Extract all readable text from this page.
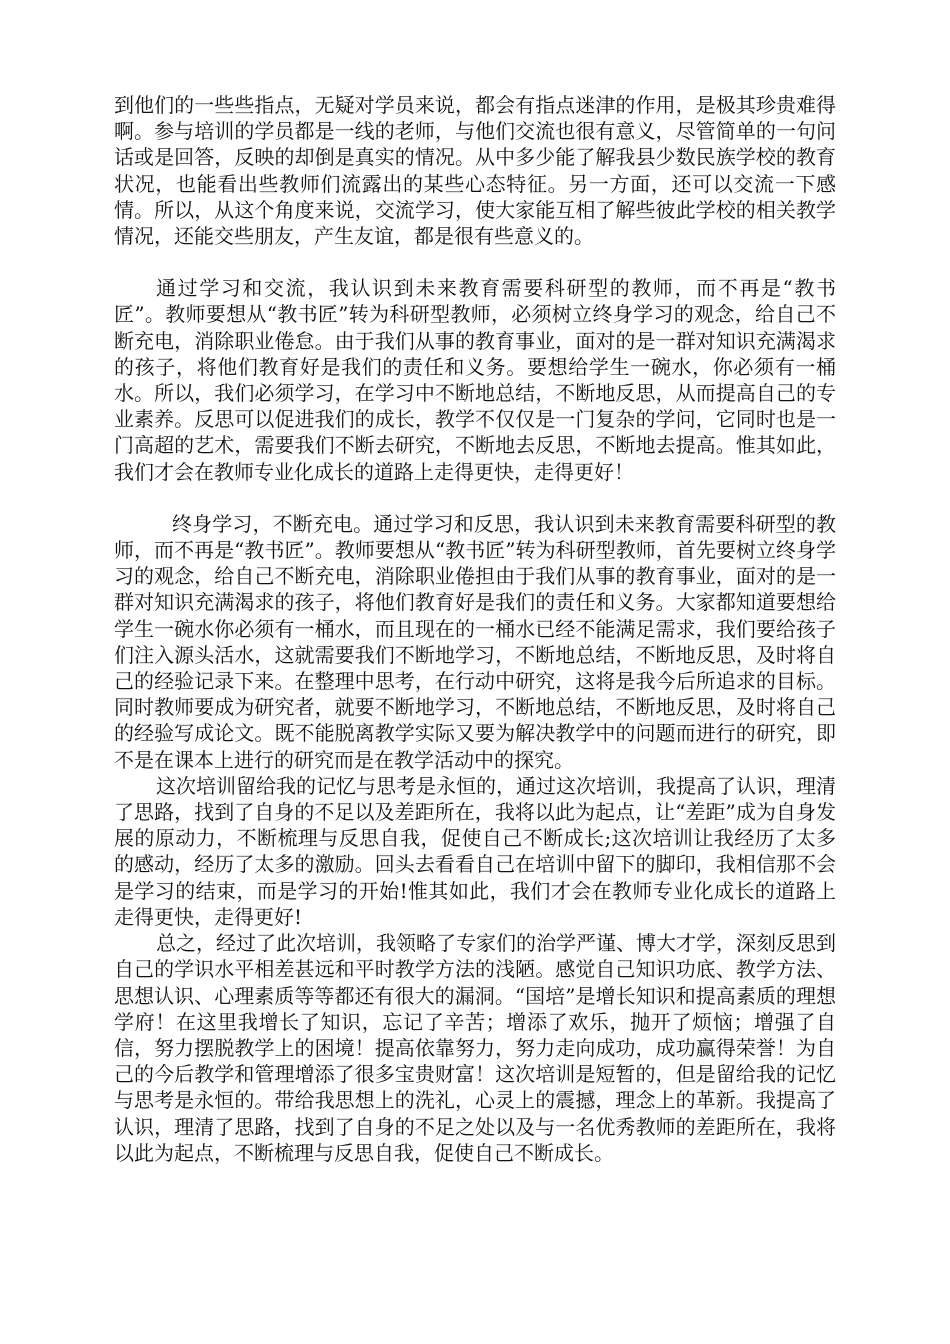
到他们的一些些指点，无疑对学员来说，都会有指点迷津的作用，是极其珍贵难得啊。参与培训的学员都是一线的老师，与他们交流也很有意义，尽管简单的一句问话或是回答，反映的却倒是真实的情况。从中多少能了解我县少数民族学校的教育状况，也能看出些教师们流露出的某些心态特征。另一方面，还可以交流一下感情。所以，从这个角度来说，交流学习，使大家能互相了解些彼此学校的相关教学情况，还能交些朋友，产生友谊，都是很有些意义的。

通过学习和交流，我认识到未来教育需要科研型的教师，而不再是“教书匠”。教师要想从“教书匠”转为科研型教师，必须树立终身学习的观念，给自己不断充电，消除职业倦怠。由于我们从事的教育事业，面对的是一群对知识充满渴求的孩子，将他们教育好是我们的责任和义务。要想给学生一碗水，你必须有一桶水。所以，我们必须学习，在学习中不断地总结，不断地反思，从而提高自己的专业素养。反思可以促进我们的成长，教学不仅仅是一门复杂的学问，它同时也是一门高超的艺术，需要我们不断去研究，不断地去反思，不断地去提高。惟其如此，我们才会在教师专业化成长的道路上走得更快，走得更好！

终身学习，不断充电。通过学习和反思，我认识到未来教育需要科研型的教师，而不再是“教书匠”。教师要想从“教书匠”转为科研型教师，首先要树立终身学习的观念，给自己不断充电，消除职业倦担由于我们从事的教育事业，面对的是一群对知识充满渴求的孩子，将他们教育好是我们的责任和义务。大家都知道要想给学生一碗水你必须有一桶水，而且现在的一桶水已经不能满足需求，我们要给孩子们注入源头活水，这就需要我们不断地学习，不断地总结，不断地反思，及时将自己的经验记录下来。在整理中思考，在行动中研究，这将是我今后所追求的目标。同时教师要成为研究者，就要不断地学习，不断地总结，不断地反思，及时将自己的经验写成论文。既不能脱离教学实际又要为解决教学中的问题而进行的研究，即不是在课本上进行的研究而是在教学活动中的探究。

这次培训留给我的记忆与思考是永恒的，通过这次培训，我提高了认识，理清了思路，找到了自身的不足以及差距所在，我将以此为起点，让“差距”成为自身发展的原动力，不断梳理与反思自我，促使自己不断成长;这次培训让我经历了太多的感动，经历了太多的激励。回头去看看自己在培训中留下的脚印，我相信那不会是学习的结束，而是学习的开始!惟其如此，我们才会在教师专业化成长的道路上走得更快，走得更好!

总之，经过了此次培训，我领略了专家们的治学严谨、博大才学，深刻反思到自己的学识水平相差甚远和平时教学方法的浅陋。感觉自己知识功底、教学方法、思想认识、心理素质等等都还有很大的漏洞。“国培”是增长知识和提高素质的理想学府！在这里我增长了知识，忘记了辛苦；增添了欢乐，抛开了烦恼；增强了自信，努力摆脱教学上的困境！提高依靠努力，努力走向成功，成功赢得荣誉！为自己的今后教学和管理增添了很多宝贵财富！这次培训是短暂的，但是留给我的记忆与思考是永恒的。带给我思想上的洗礼，心灵上的震撼，理念上的革新。我提高了认识，理清了思路，找到了自身的不足之处以及与一名优秀教师的差距所在，我将以此为起点，不断梳理与反思自我，促使自己不断成长。
